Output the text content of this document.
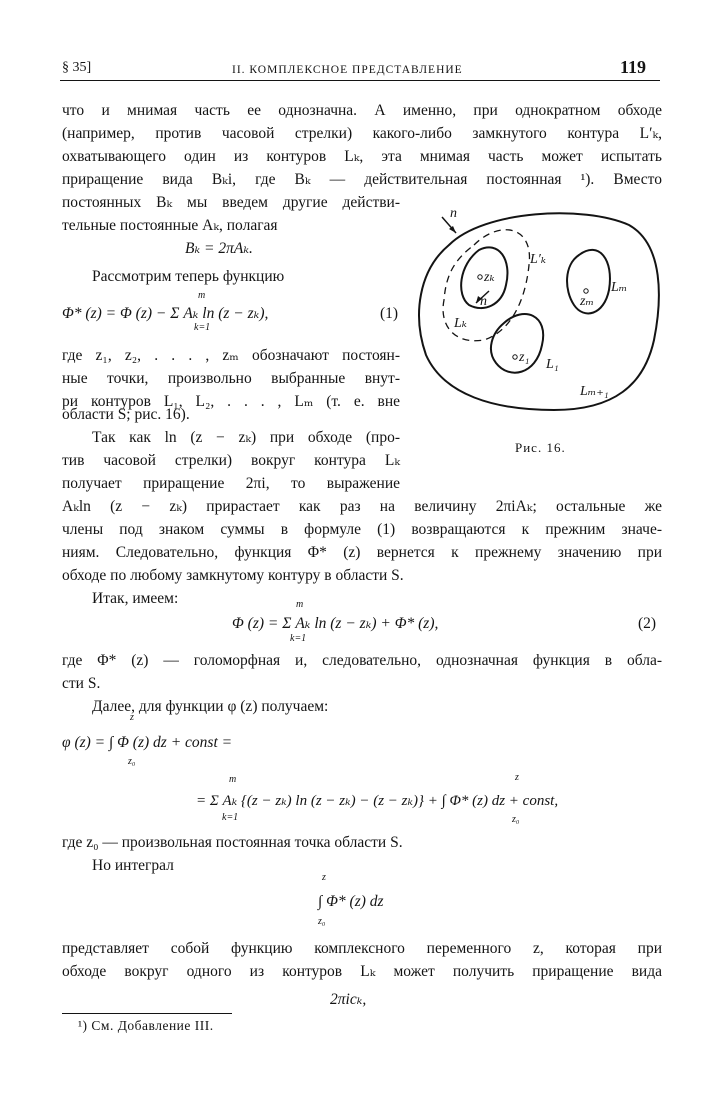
§ 35]	II. КОМПЛЕКСНОЕ ПРЕДСТАВЛЕНИЕ	119
что и мнимая часть ее однозначна. А именно, при однократном обходе
(например, против часовой стрелки) какого-либо замкнутого контура L′ₖ,
охватывающего один из контуров Lₖ, эта мнимая часть может испытать
приращение вида Bₖi, где Bₖ — действительная постоянная ¹). Вместо
постоянных Bₖ мы введем другие действи-
тельные постоянные Aₖ, полагая
Bₖ = 2πAₖ.
Рассмотрим теперь функцию
Φ* (z) = Φ (z) − Σ Aₖ ln (z − zₖ),
m
k=1
(1)
где z₁, z₂, . . . , zₘ обозначают постоян-
ные точки, произвольно выбранные внут-
ри контуров L₁, L₂, . . . , Lₘ (т. е. вне
области S; рис. 16).
Так как ln (z − zₖ) при обходе (про-
тив часовой стрелки) вокруг контура Lₖ
получает приращение 2πi, то выражение
Aₖln (z − zₖ) прирастает как раз на величину 2πiAₖ; остальные же
члены под знаком суммы в формуле (1) возвращаются к прежним значе-
ниям. Следовательно, функция Φ* (z) вернется к прежнему значению при
обходе по любому замкнутому контуру в области S.
Итак, имеем:
Φ (z) = Σ Aₖ ln (z − zₖ) + Φ* (z),
m
k=1
(2)
где Φ* (z) — голоморфная и, следовательно, однозначная функция в обла-
сти S.
Далее, для функции φ (z) получаем:
φ (z) = ∫ Φ (z) dz + const =
z
z₀
= Σ Aₖ {(z − zₖ) ln (z − zₖ) − (z − zₖ)} + ∫ Φ* (z) dz + const,
m
k=1
z
z₀
где z₀ — произвольная постоянная точка области S.
Но интеграл
∫ Φ* (z) dz
z
z₀
представляет собой функцию комплексного переменного z, которая при
обходе вокруг одного из контуров Lₖ может получить приращение вида
2πicₖ,
n
L′ₖ
zₖ
n
Lₖ
z₁ L₁
zₘ
Lₘ
Lₘ₊₁
Рис. 16.
¹) См. Добавление III.
